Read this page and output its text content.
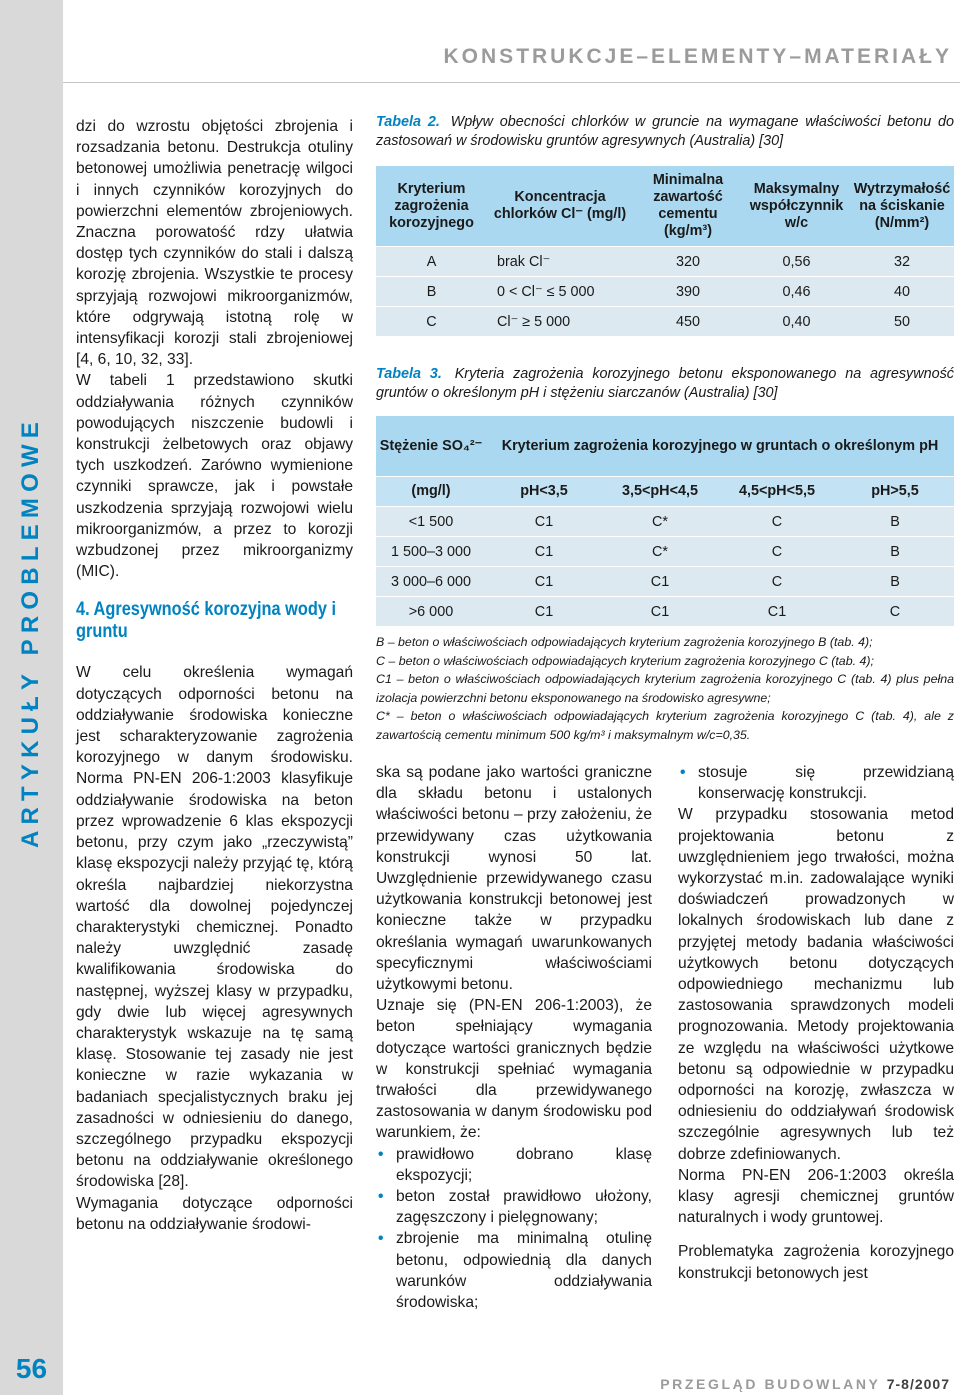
ARTYKUŁY PROBLEMOWE
56
KONSTRUKCJE–ELEMENTY–MATERIAŁY

dzi do wzrostu objętości zbrojenia i rozsadzania betonu. Destrukcja otuliny betonowej umożliwia penetrację wilgoci i innych czynników korozyjnych do powierzchni elementów zbrojeniowych. Znaczna porowatość rdzy ułatwia dostęp tych czynników do stali i dalszą korozję zbrojenia. Wszystkie te procesy sprzyjają rozwojowi mikroorganizmów, które odgrywają istotną rolę w intensyfikacji korozji stali zbrojeniowej [4, 6, 10, 32, 33].

W tabeli 1 przedstawiono skutki oddziaływania różnych czynników powodujących niszczenie budowli i konstrukcji żelbetowych oraz objawy tych uszkodzeń. Zarówno wymienione czynniki sprawcze, jak i powstałe uszkodzenia sprzyjają rozwojowi wielu mikroorganizmów, a przez to korozji wzbudzonej przez mikroorganizmy (MIC).

4. Agresywność korozyjna wody i gruntu

W celu określenia wymagań dotyczących odporności betonu na oddziaływanie środowiska konieczne jest scharakteryzowanie zagrożenia korozyjnego w danym środowisku. Norma PN-EN 206-1:2003 klasyfikuje oddziaływanie środowiska na beton przez wprowadzenie 6 klas ekspozycji betonu, przy czym jako „rzeczywistą” klasę ekspozycji należy przyjąć tę, którą określa najbardziej niekorzystna wartość dla dowolnej pojedynczej charakterystyki chemicznej. Ponadto należy uwzględnić zasadę kwalifikowania środowiska do następnej, wyższej klasy w przypadku, gdy dwie lub więcej agresywnych charakterystyk wskazuje na tę samą klasę. Stosowanie tej zasady nie jest konieczne w razie wykazania w badaniach specjalistycznych braku jej zasadności w odniesieniu do danego, szczególnego przypadku ekspozycji betonu na oddziaływanie określonego środowiska [28].

Wymagania dotyczące odporności betonu na oddziaływanie środowi-

Tabela 2. Wpływ obecności chlorków w gruncie na wymagane właściwości betonu do zastosowań w środowisku gruntów agresywnych (Australia) [30]
Kryterium zagrożenia korozyjnego	Koncentracja chlorków Cl⁻ (mg/l)	Minimalna zawartość cementu (kg/m³)	Maksymalny współczynnik w/c	Wytrzymałość na ściskanie (N/mm²)
A	brak Cl⁻	320	0,56	32
B	0 < Cl⁻ ≤ 5 000	390	0,46	40
C	Cl⁻ ≥ 5 000	450	0,40	50
Tabela 3. Kryteria zagrożenia korozyjnego betonu eksponowanego na agresywność gruntów o określonym pH i stężeniu siarczanów (Australia) [30]
Stężenie SO₄²⁻	Kryterium zagrożenia korozyjnego w gruntach o określonym pH			
(mg/l)	pH<3,5	3,5<pH<4,5	4,5<pH<5,5	pH>5,5
<1 500	C1	C*	C	B
1 500–3 000	C1	C*	C	B
3 000–6 000	C1	C1	C	B
>6 000	C1	C1	C1	C

B – beton o właściwościach odpowiadających kryterium zagrożenia korozyjnego B (tab. 4);

C – beton o właściwościach odpowiadających kryterium zagrożenia korozyjnego C (tab. 4);

C1 – beton o właściwościach odpowiadających kryterium zagrożenia korozyjnego C (tab. 4) plus pełna izolacja powierzchni betonu eksponowanego na środowisko agresywne;

C* – beton o właściwościach odpowiadających kryterium zagrożenia korozyjnego C (tab. 4), ale z zawartością cementu minimum 500 kg/m³ i maksymalnym w/c=0,35.

ska są podane jako wartości graniczne dla składu betonu i ustalonych właściwości betonu – przy założeniu, że przewidywany czas użytkowania konstrukcji wynosi 50 lat. Uwzględnienie przewidywanego czasu użytkowania konstrukcji betonowej jest konieczne także w przypadku określania wymagań uwarunkowanych specyficznymi właściwościami użytkowymi betonu.

Uznaje się (PN-EN 206-1:2003), że beton spełniający wymagania dotyczące wartości granicznych będzie w konstrukcji spełniać wymagania trwałości dla przewidywanego zastosowania w danym środowisku pod warunkiem, że:

• prawidłowo dobrano klasę ekspozycji;
• beton został prawidłowo ułożony, zagęszczony i pielęgnowany;
• zbrojenie ma minimalną otulinę betonu, odpowiednią dla danych warunków oddziaływania środowiska;
• stosuje się przewidzianą konserwację konstrukcji.

W przypadku stosowania metod projektowania betonu z uwzględnieniem jego trwałości, można wykorzystać m.in. zadowalające wyniki doświadczeń prowadzonych w lokalnych środowiskach lub dane z przyjętej metody badania właściwości użytkowych betonu dotyczących odpowiedniego mechanizmu lub zastosowania sprawdzonych modeli prognozowania. Metody projektowania ze względu na właściwości użytkowe betonu są odpowiednie w przypadku odporności na korozję, zwłaszcza w odniesieniu do oddziaływań środowisk szczególnie agresywnych lub też dobrze zdefiniowanych.

Norma PN-EN 206-1:2003 określa klasy agresji chemicznej gruntów naturalnych i wody gruntowej.

Problematyka zagrożenia korozyjnego konstrukcji betonowych jest

PRZEGLĄD BUDOWLANY 7-8/2007
